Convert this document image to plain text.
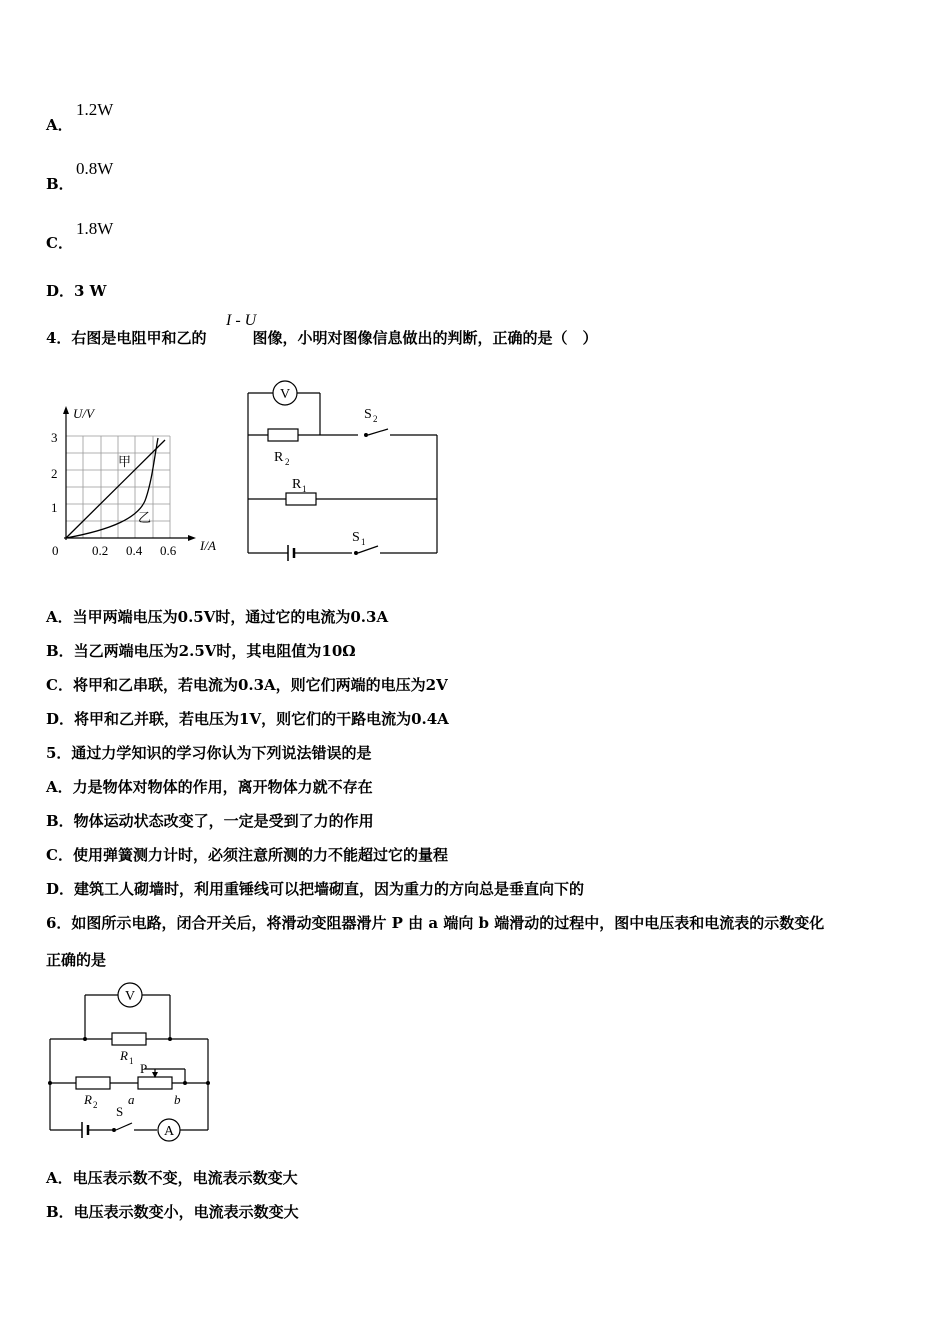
A．
1.2W
B．
0.8W
C．
1.8W
D．3 W
4．右图是电阻甲和乙的	图像，小明对图像信息做出的判断，正确的是（　）
I - U
U/V
I/A
3
2
1
0	0.2 0.4 0.6
甲
乙
V
R 2
R 1
S 2
S 1
A．当甲两端电压为0.5V时，通过它的电流为0.3A
B．当乙两端电压为2.5V时，其电阻值为10Ω
C．将甲和乙串联，若电流为0.3A，则它们两端的电压为2V
D．将甲和乙并联，若电压为1V，则它们的干路电流为0.4A
5．通过力学知识的学习你认为下列说法错误的是
A．力是物体对物体的作用，离开物体力就不存在
B．物体运动状态改变了，一定是受到了力的作用
C．使用弹簧测力计时，必须注意所测的力不能超过它的量程
D．建筑工人砌墙时，利用重锤线可以把墙砌直，因为重力的方向总是垂直向下的
6．如图所示电路，闭合开关后，将滑动变阻器滑片 P 由 a 端向 b 端滑动的过程中，图中电压表和电流表的示数变化
正确的是
V
A
R 1
R 2
P
a	b
S
A．电压表示数不变，电流表示数变大
B．电压表示数变小，电流表示数变大
